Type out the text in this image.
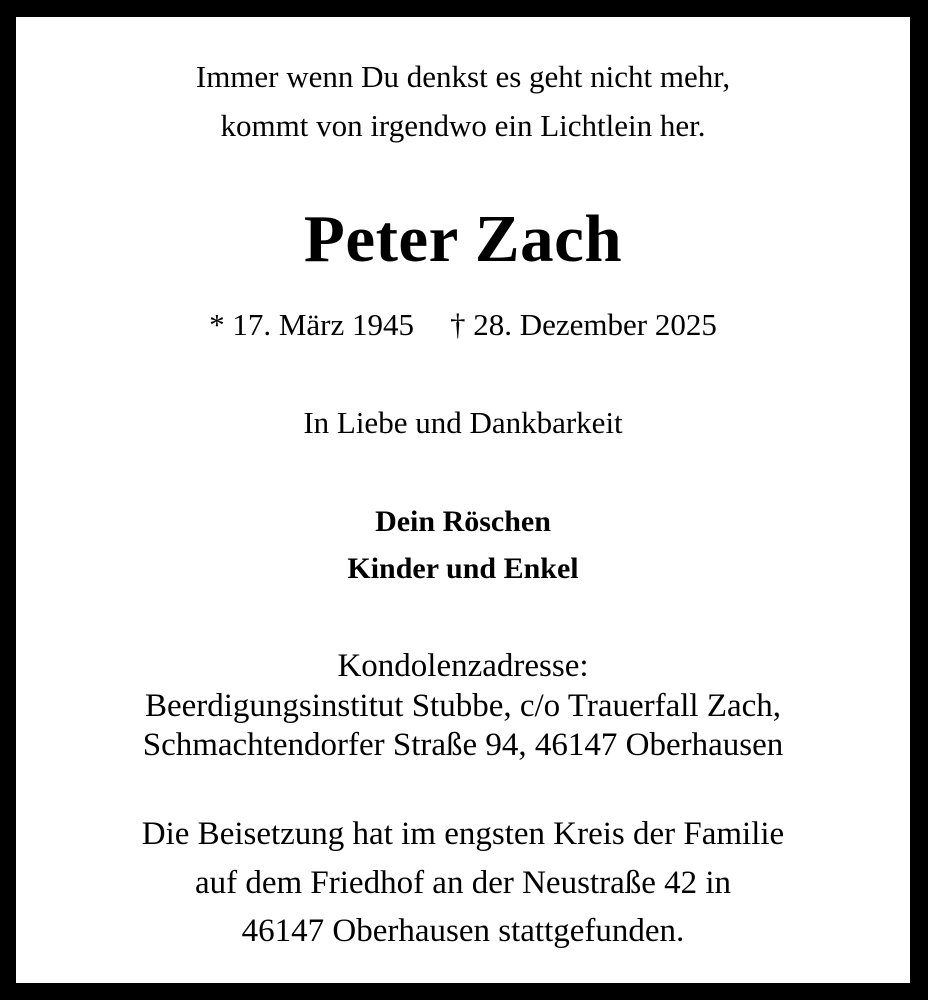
Immer wenn Du denkst es geht nicht mehr,
kommt von irgendwo ein Lichtlein her.
Peter Zach
* 17. März 1945 † 28. Dezember 2025
In Liebe und Dankbarkeit
Dein Röschen
Kinder und Enkel
Kondolenzadresse:
Beerdigungsinstitut Stubbe, c/o Trauerfall Zach,
Schmachtendorfer Straße 94, 46147 Oberhausen
Die Beisetzung hat im engsten Kreis der Familie
auf dem Friedhof an der Neustraße 42 in
46147 Oberhausen stattgefunden.
